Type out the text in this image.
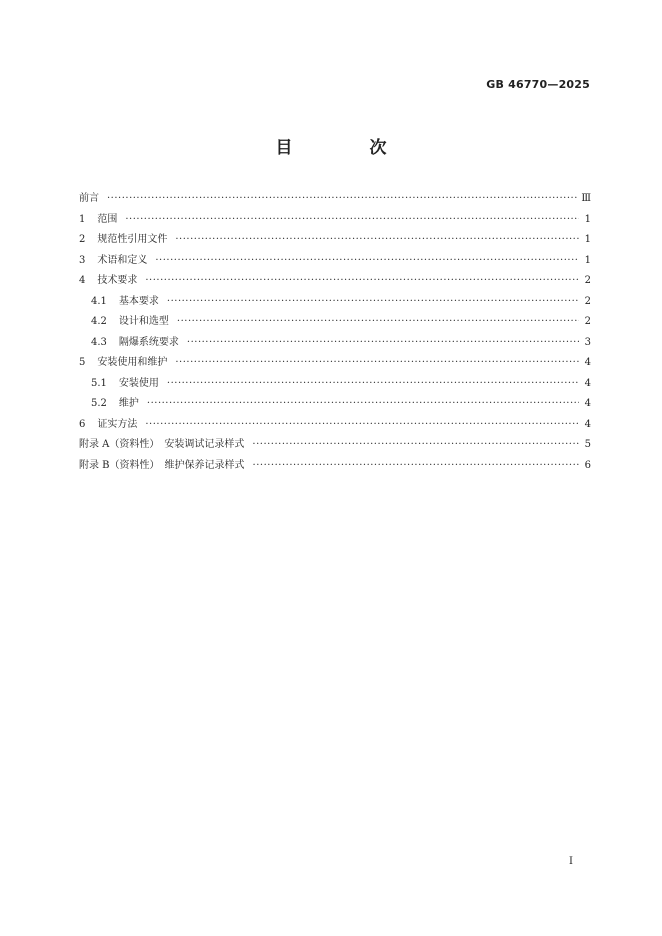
GB 46770—2025
目　次
前言 ·····	Ⅲ
1 范围 ·····	1
2 规范性引用文件 ·····	1
3 术语和定义 ·····	1
4 技术要求 ·····	2
4.1 基本要求 ·····	2
4.2 设计和选型 ·····	2
4.3 隔爆系统要求 ·····	3
5 安装使用和维护 ·····	4
5.1 安装使用 ·····	4
5.2 维护 ·····	4
6 证实方法 ·····	4
附录 A（资料性）　安装调试记录样式 ·····	5
附录 B（资料性）　维护保养记录样式 ·····	6
I
